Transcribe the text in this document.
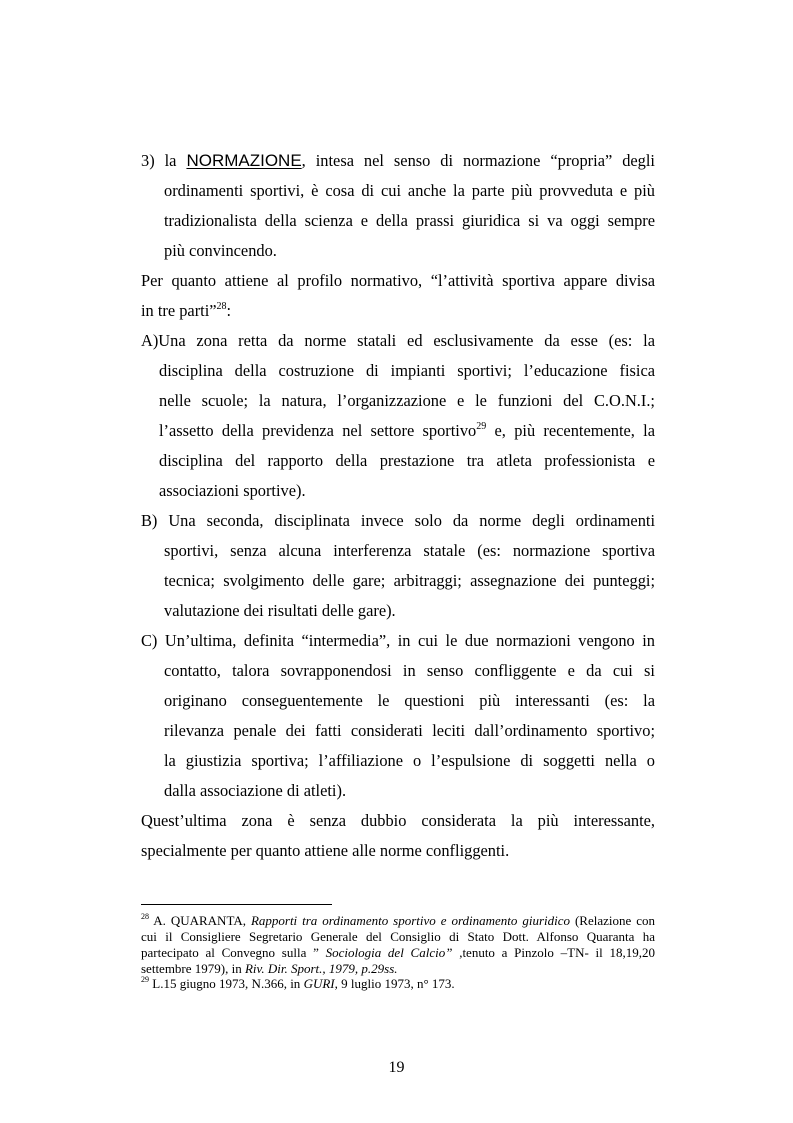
3) la NORMAZIONE, intesa nel senso di normazione “propria” degli
ordinamenti sportivi, è cosa di cui anche la parte più provveduta e più
tradizionalista della scienza e della prassi giuridica si va oggi sempre
più convincendo.
Per quanto attiene al profilo normativo, “l’attività sportiva appare divisa
in tre parti”$^{28}$:
A)Una zona retta da norme statali ed esclusivamente da esse (es: la
disciplina della costruzione di impianti sportivi; l’educazione fisica
nelle scuole; la natura, l’organizzazione e le funzioni del C.O.N.I.;
l’assetto della previdenza nel settore sportivo$^{29}$ e, più recentemente, la
disciplina del rapporto della prestazione tra atleta professionista e
associazioni sportive).
B) Una seconda, disciplinata invece solo da norme degli ordinamenti
sportivi, senza alcuna interferenza statale (es: normazione sportiva
tecnica; svolgimento delle gare; arbitraggi; assegnazione dei punteggi;
valutazione dei risultati delle gare).
C) Un’ultima, definita “intermedia”, in cui le due normazioni vengono in
contatto, talora sovrapponendosi in senso confliggente e da cui si
originano conseguentemente le questioni più interessanti (es: la
rilevanza penale dei fatti considerati leciti dall’ordinamento sportivo;
la giustizia sportiva; l’affiliazione o l’espulsione di soggetti nella o
dalla associazione di atleti).
Quest’ultima zona è senza dubbio considerata la più interessante,
specialmente per quanto attiene alle norme confliggenti.
$^{28}$ A. QUARANTA, Rapporti tra ordinamento sportivo e ordinamento giuridico (Relazione con
cui il Consigliere Segretario Generale del Consiglio di Stato Dott. Alfonso Quaranta ha
partecipato al Convegno sulla ” Sociologia del Calcio” ,tenuto a Pinzolo –TN- il 18,19,20
settembre 1979), in Riv. Dir. Sport., 1979, p.29ss.
$^{29}$ L.15 giugno 1973, N.366, in GURI, 9 luglio 1973, n° 173.
19
